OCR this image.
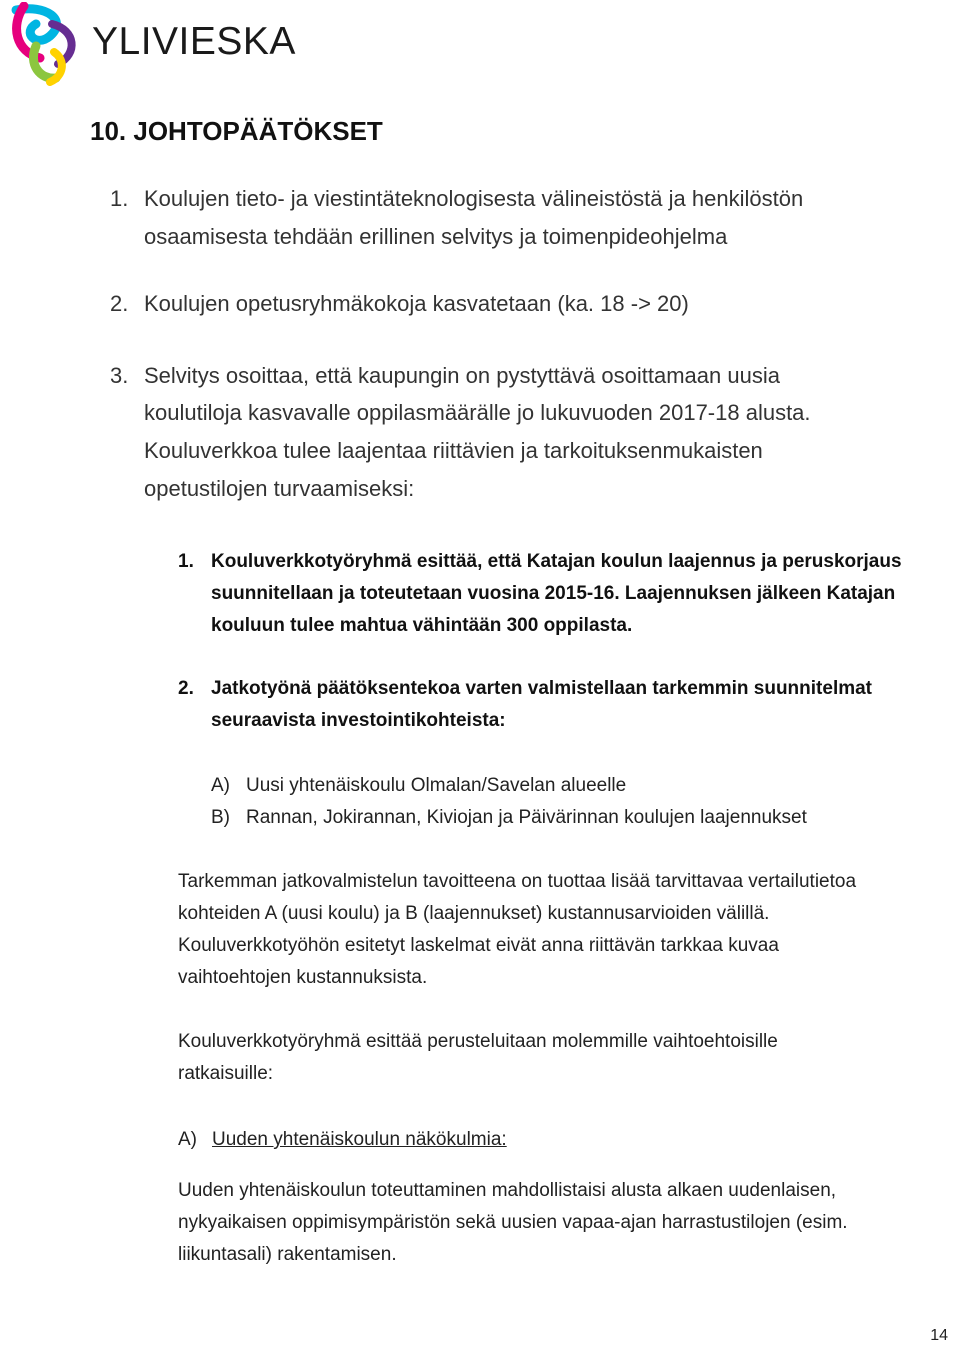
YLIVIESKA
10. JOHTOPÄÄTÖKSET
1. Koulujen tieto- ja viestintäteknologisesta välineistöstä ja henkilöstön
osaamisesta tehdään erillinen selvitys ja toimenpideohjelma
2. Koulujen opetusryhmäkokoja kasvatetaan (ka. 18 -> 20)
3. Selvitys osoittaa, että kaupungin on pystyttävä osoittamaan uusia
koulutiloja kasvavalle oppilasmäärälle jo lukuvuoden 2017-18 alusta.
Kouluverkkoa tulee laajentaa riittävien ja tarkoituksenmukaisten
opetustilojen turvaamiseksi:
1. Kouluverkkotyöryhmä esittää, että Katajan koulun laajennus ja peruskorjaus
suunnitellaan ja toteutetaan vuosina 2015-16. Laajennuksen jälkeen Katajan
kouluun tulee mahtua vähintään 300 oppilasta.
2. Jatkotyönä päätöksentekoa varten valmistellaan tarkemmin suunnitelmat
seuraavista investointikohteista:
A) Uusi yhtenäiskoulu Olmalan/Savelan alueelle
B) Rannan, Jokirannan, Kiviojan ja Päivärinnan koulujen laajennukset
Tarkemman jatkovalmistelun tavoitteena on tuottaa lisää tarvittavaa vertailutietoa
kohteiden A (uusi koulu) ja B (laajennukset) kustannusarvioiden välillä.
Kouluverkkotyöhön esitetyt laskelmat eivät anna riittävän tarkkaa kuvaa
vaihtoehtojen kustannuksista.
Kouluverkkotyöryhmä esittää perusteluitaan molemmille vaihtoehtoisille
ratkaisuille:
A) Uuden yhtenäiskoulun näkökulmia:
Uuden yhtenäiskoulun toteuttaminen mahdollistaisi alusta alkaen uudenlaisen,
nykyaikaisen oppimisympäristön sekä uusien vapaa-ajan harrastustilojen (esim.
liikuntasali) rakentamisen.
14
